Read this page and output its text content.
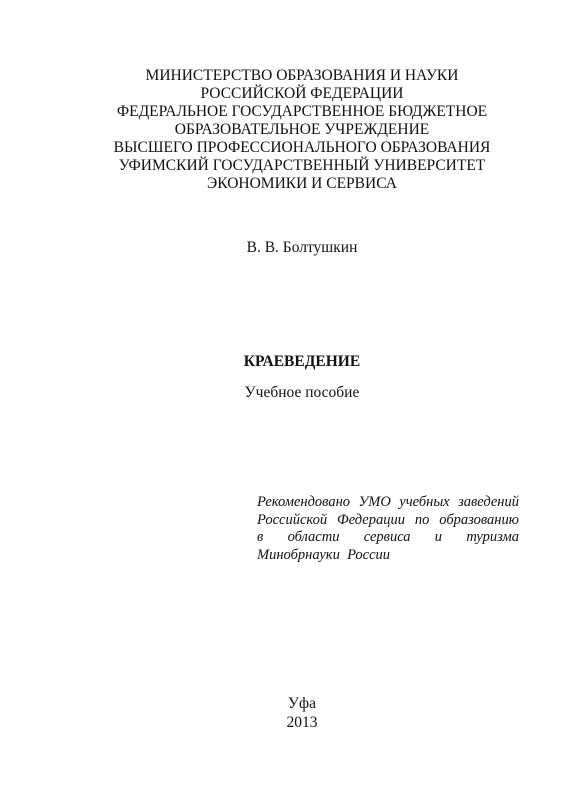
МИНИСТЕРСТВО ОБРАЗОВАНИЯ И НАУКИ
РОССИЙСКОЙ ФЕДЕРАЦИИ
ФЕДЕРАЛЬНОЕ ГОСУДАРСТВЕННОЕ БЮДЖЕТНОЕ
ОБРАЗОВАТЕЛЬНОЕ УЧРЕЖДЕНИЕ
ВЫСШЕГО ПРОФЕССИОНАЛЬНОГО ОБРАЗОВАНИЯ
УФИМСКИЙ ГОСУДАРСТВЕННЫЙ УНИВЕРСИТЕТ
ЭКОНОМИКИ И СЕРВИСА
В. В. Болтушкин
КРАЕВЕДЕНИЕ
Учебное пособие
Рекомендовано УМО учебных заведений
Российской Федерации по образованию
в области сервиса и туризма
Минобрнауки  России
Уфа
2013
